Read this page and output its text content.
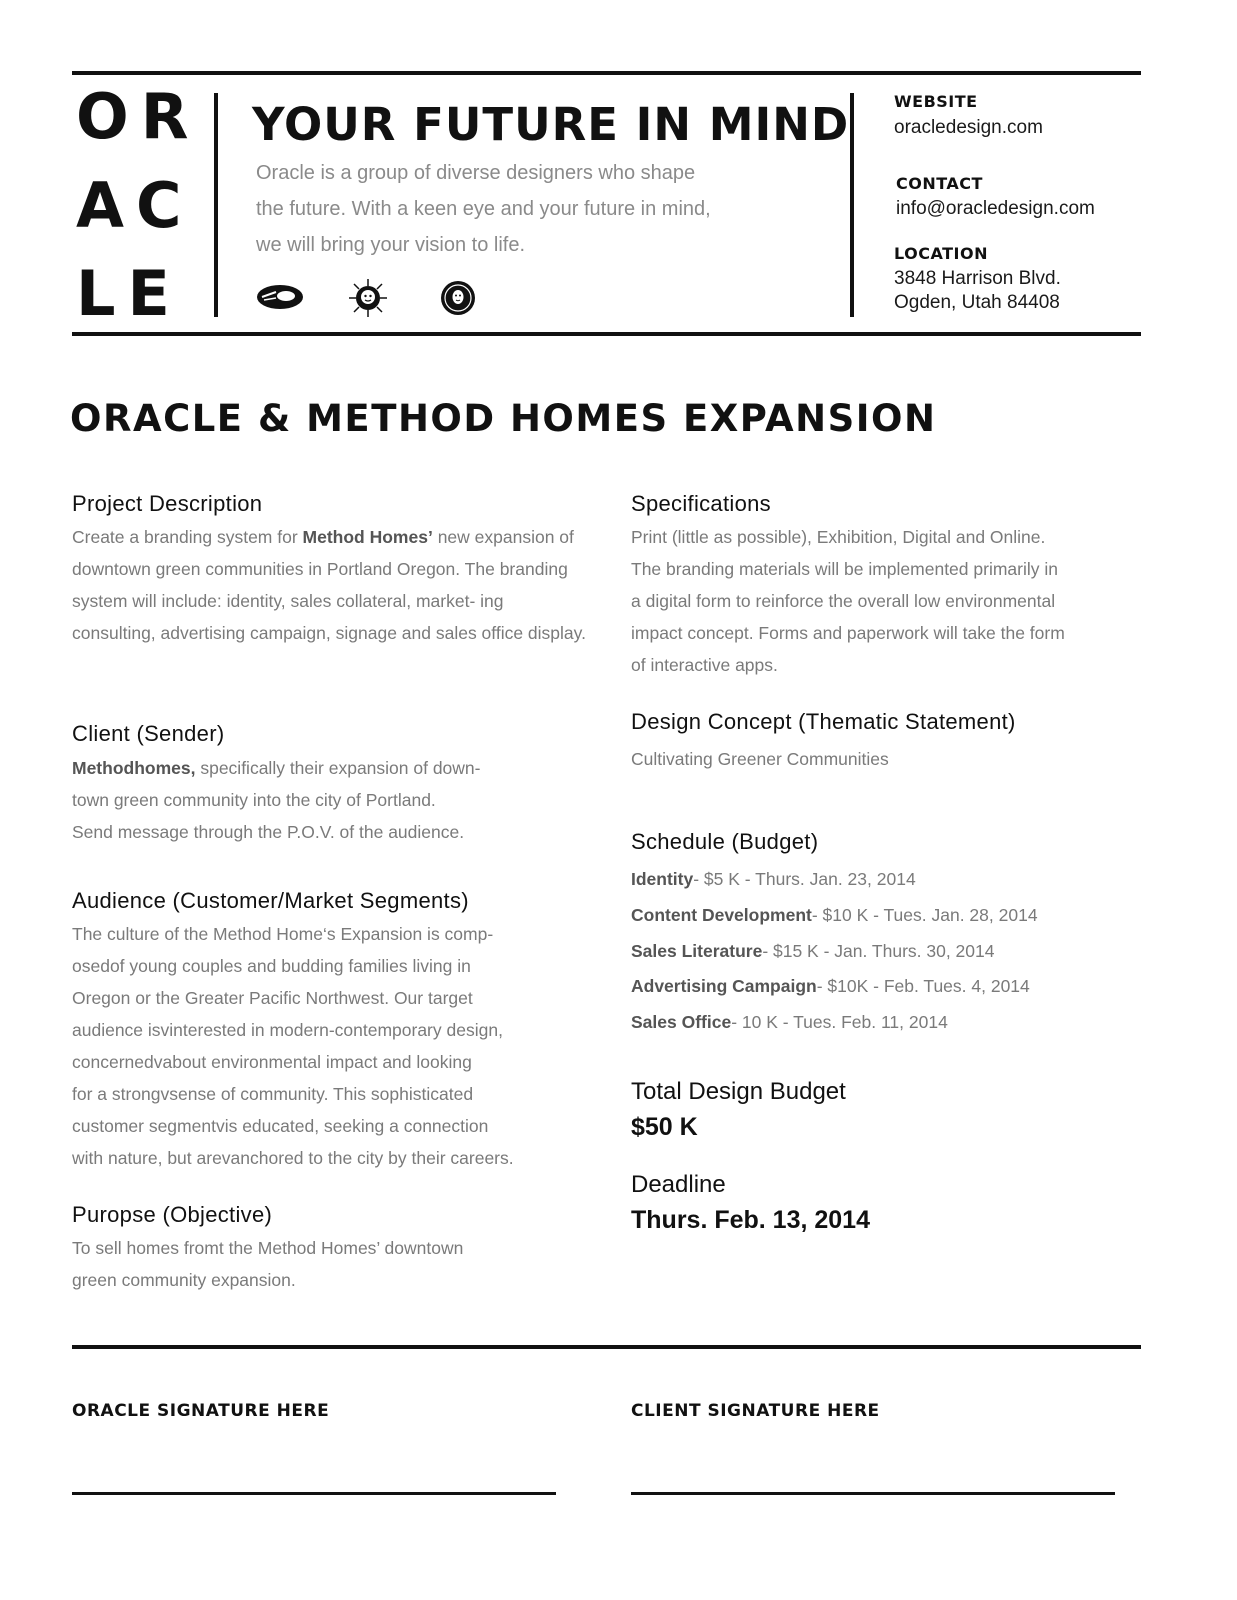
OR
AC
LE
YOUR FUTURE IN MIND
Oracle is a group of diverse designers who shape the future. With a keen eye and your future in mind, we will bring your vision to life.
WEBSITE
oracledesign.com
CONTACT
info@oracledesign.com
LOCATION
3848 Harrison Blvd.
Ogden, Utah 84408
ORACLE & METHOD HOMES EXPANSION
Project Description
Create a branding system for Method Homes’ new expansion of downtown green communities in Portland Oregon. The branding system will include: identity, sales collateral, market- ing consulting, advertising campaign, signage and sales office display.
Client (Sender)
Methodhomes, specifically their expansion of down-
town green community into the city of Portland.
Send message through the P.O.V. of the audience.
Audience (Customer/Market Segments)
The culture of the Method Home‘s Expansion is comp-
osedof young couples and budding families living in
Oregon or the Greater Pacific Northwest. Our target
audience isvinterested in modern-contemporary design,
concernedvabout environmental impact and looking
for a strongvsense of community. This sophisticated
customer segmentvis educated, seeking a connection
with nature, but arevanchored to the city by their careers.
Puropse (Objective)
To sell homes fromt the Method Homes’ downtown
green community expansion.
Specifications
Print (little as possible), Exhibition, Digital and Online.
The branding materials will be implemented primarily in
a digital form to reinforce the overall low environmental
impact concept. Forms and paperwork will take the form
of interactive apps.
Design Concept (Thematic Statement)
Cultivating Greener Communities
Schedule (Budget)
Identity- $5 K - Thurs. Jan. 23, 2014
Content Development- $10 K - Tues. Jan. 28, 2014
Sales Literature- $15 K - Jan. Thurs. 30, 2014
Advertising Campaign- $10K - Feb. Tues. 4, 2014
Sales Office- 10 K - Tues. Feb. 11, 2014
Total Design Budget
$50 K
Deadline
Thurs. Feb. 13, 2014
ORACLE SIGNATURE HERE	CLIENT SIGNATURE HERE
